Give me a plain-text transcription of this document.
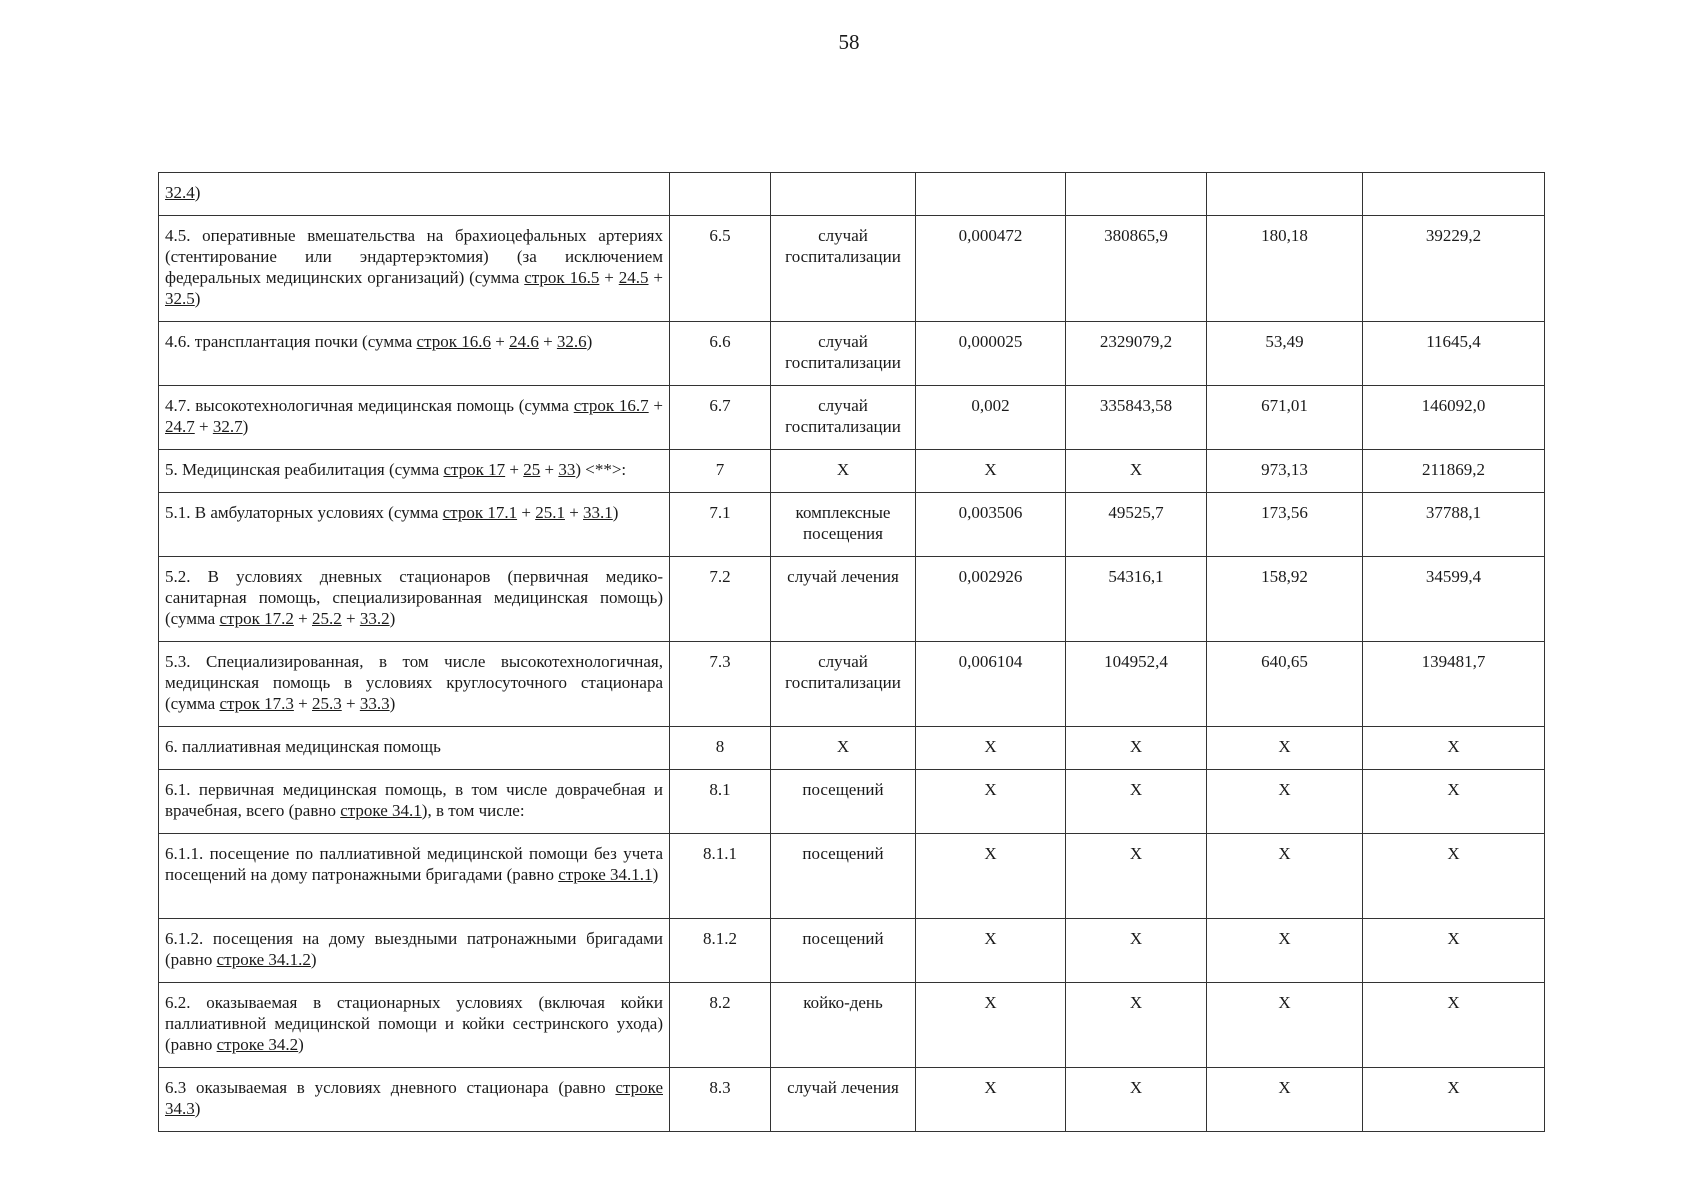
58
32.4)						
4.5. оперативные вмешательства на брахиоцефальных артериях (стентирование или эндартерэктомия) (за исключением федеральных медицинских организаций) (сумма строк 16.5 + 24.5 + 32.5)	6.5	случай госпитализации	0,000472	380865,9	180,18	39229,2
4.6. трансплантация почки (сумма строк 16.6 + 24.6 + 32.6)	6.6	случай госпитализации	0,000025	2329079,2	53,49	11645,4
4.7. высокотехнологичная медицинская помощь (сумма строк 16.7 + 24.7 + 32.7)	6.7	случай госпитализации	0,002	335843,58	671,01	146092,0
5. Медицинская реабилитация (сумма строк 17 + 25 + 33) <**>:	7	X	X	X	973,13	211869,2
5.1. В амбулаторных условиях (сумма строк 17.1 + 25.1 + 33.1)	7.1	комплексные посещения	0,003506	49525,7	173,56	37788,1
5.2. В условиях дневных стационаров (первичная медико-санитарная помощь, специализированная медицинская помощь) (сумма строк 17.2 + 25.2 + 33.2)	7.2	случай лечения	0,002926	54316,1	158,92	34599,4
5.3. Специализированная, в том числе высокотехнологичная, медицинская помощь в условиях круглосуточного стационара (сумма строк 17.3 + 25.3 + 33.3)	7.3	случай госпитализации	0,006104	104952,4	640,65	139481,7
6. паллиативная медицинская помощь	8	X	X	X	X	X
6.1. первичная медицинская помощь, в том числе доврачебная и врачебная, всего (равно строке 34.1), в том числе:	8.1	посещений	X	X	X	X
6.1.1. посещение по паллиативной медицинской помощи без учета посещений на дому патронажными бригадами (равно строке 34.1.1)	8.1.1	посещений	X	X	X	X
6.1.2. посещения на дому выездными патронажными бригадами (равно строке 34.1.2)	8.1.2	посещений	X	X	X	X
6.2. оказываемая в стационарных условиях (включая койки паллиативной медицинской помощи и койки сестринского ухода) (равно строке 34.2)	8.2	койко-день	X	X	X	X
6.3 оказываемая в условиях дневного стационара (равно строке 34.3)	8.3	случай лечения	X	X	X	X
